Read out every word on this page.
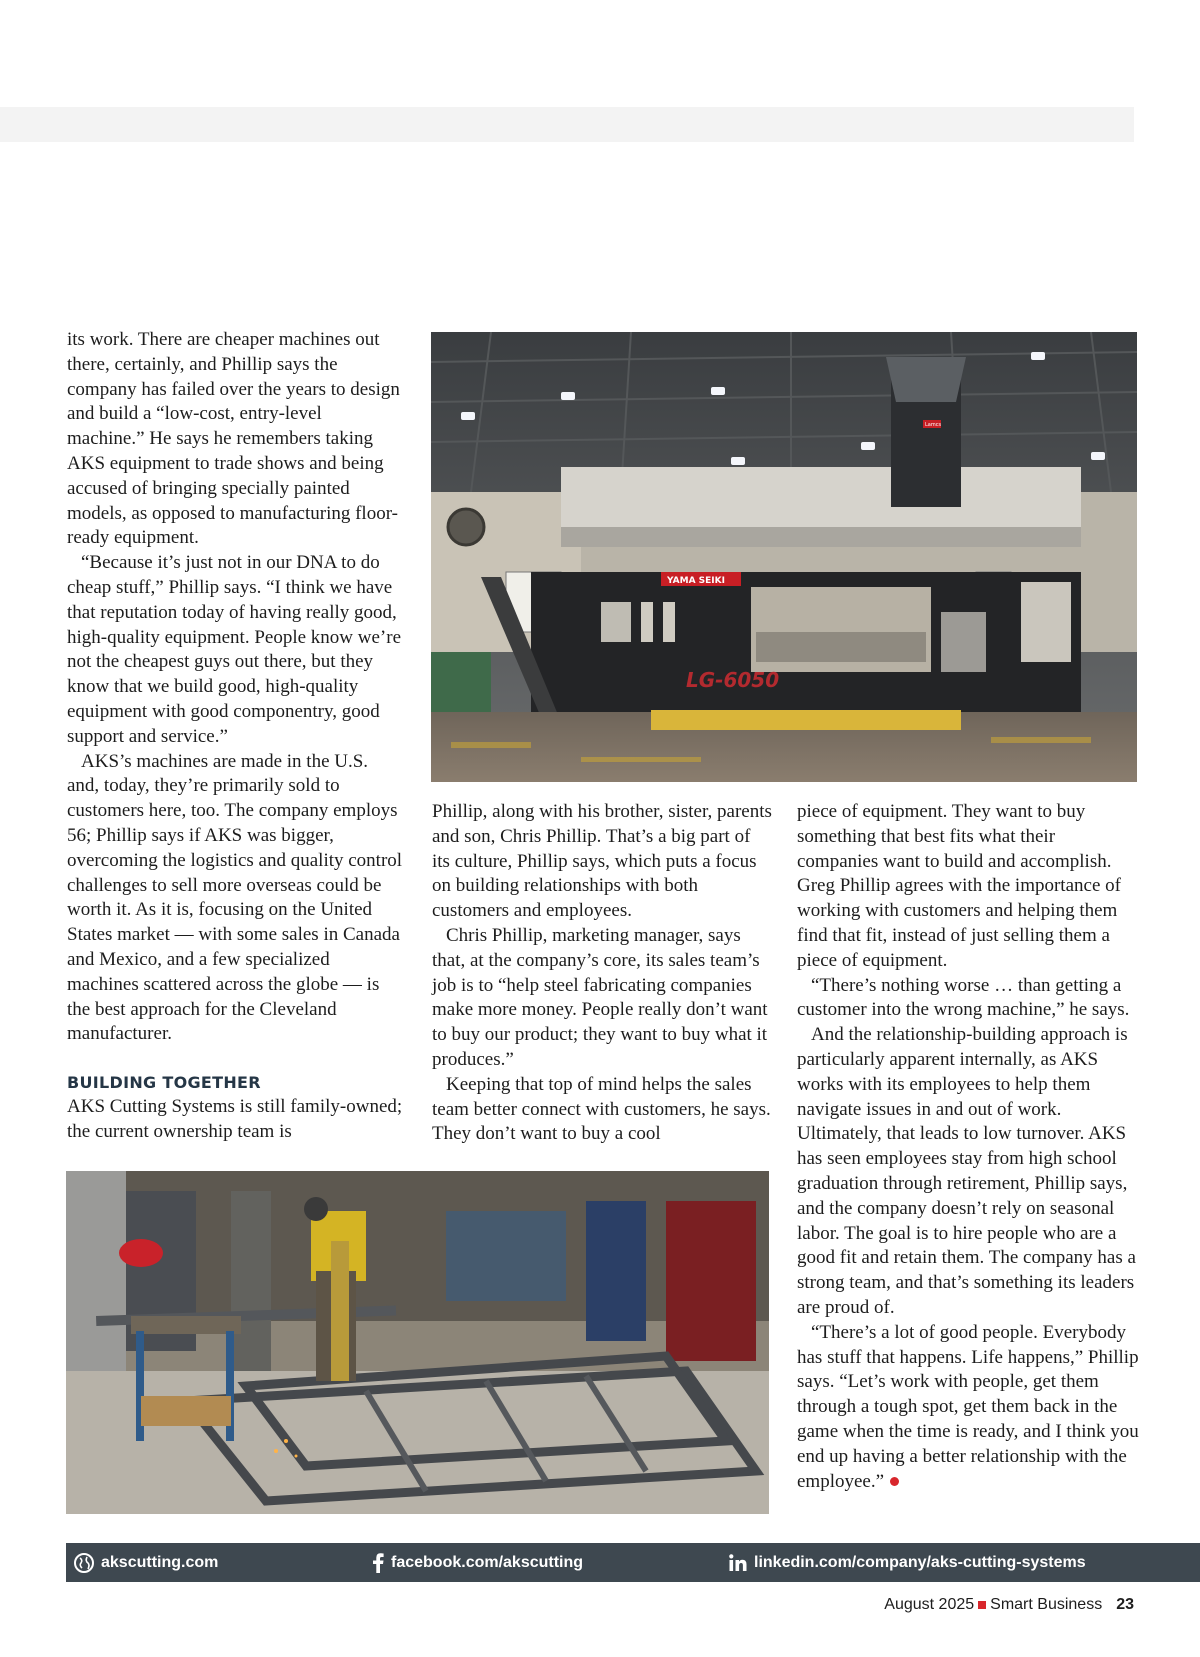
its work. There are cheaper machines out there, certainly, and Phillip says the company has failed over the years to design and build a “low-cost, entry-level machine.” He says he remembers taking AKS equipment to trade shows and being accused of bringing specially painted models, as opposed to manufacturing floor-ready equipment.

“Because it’s just not in our DNA to do cheap stuff,” Phillip says. “I think we have that reputation today of having really good, high-quality equipment. People know we’re not the cheapest guys out there, but they know that we build good, high-quality equipment with good componentry, good support and service.”

AKS’s machines are made in the U.S. and, today, they’re primarily sold to customers here, too. The company employs 56; Phillip says if AKS was bigger, overcoming the logistics and quality control challenges to sell more overseas could be worth it. As it is, focusing on the United States market — with some sales in Canada and Mexico, and a few specialized machines scattered across the globe — is the best approach for the Cleveland manufacturer.

BUILDING TOGETHER

AKS Cutting Systems is still family-owned; the current ownership team is

Lamcs
YAMA SEIKI
LG-6050

Phillip, along with his brother, sister, parents and son, Chris Phillip. That’s a big part of its culture, Phillip says, which puts a focus on building relationships with both customers and employees.

Chris Phillip, marketing manager, says that, at the company’s core, its sales team’s job is to “help steel fabricating companies make more money. People really don’t want to buy our product; they want to buy what it produces.”

Keeping that top of mind helps the sales team better connect with customers, he says. They don’t want to buy a cool

piece of equipment. They want to buy something that best fits what their companies want to build and accomplish. Greg Phillip agrees with the importance of working with customers and helping them find that fit, instead of just selling them a piece of equipment.

“There’s nothing worse … than getting a customer into the wrong machine,” he says.

And the relationship-building approach is particularly apparent internally, as AKS works with its employees to help them navigate issues in and out of work. Ultimately, that leads to low turnover. AKS has seen employees stay from high school graduation through retirement, Phillip says, and the company doesn’t rely on seasonal labor. The goal is to hire people who are a good fit and retain them. The company has a strong team, and that’s something its leaders are proud of.

“There’s a lot of good people. Everybody has stuff that happens. Life happens,” Phillip says. “Let’s work with people, get them through a tough spot, get them back in the game when the time is ready, and I think you end up having a better relationship with the employee.”

akscutting.com	facebook.com/akscutting	linkedin.com/company/aks-cutting-systems
August 2025 Smart Business 23
